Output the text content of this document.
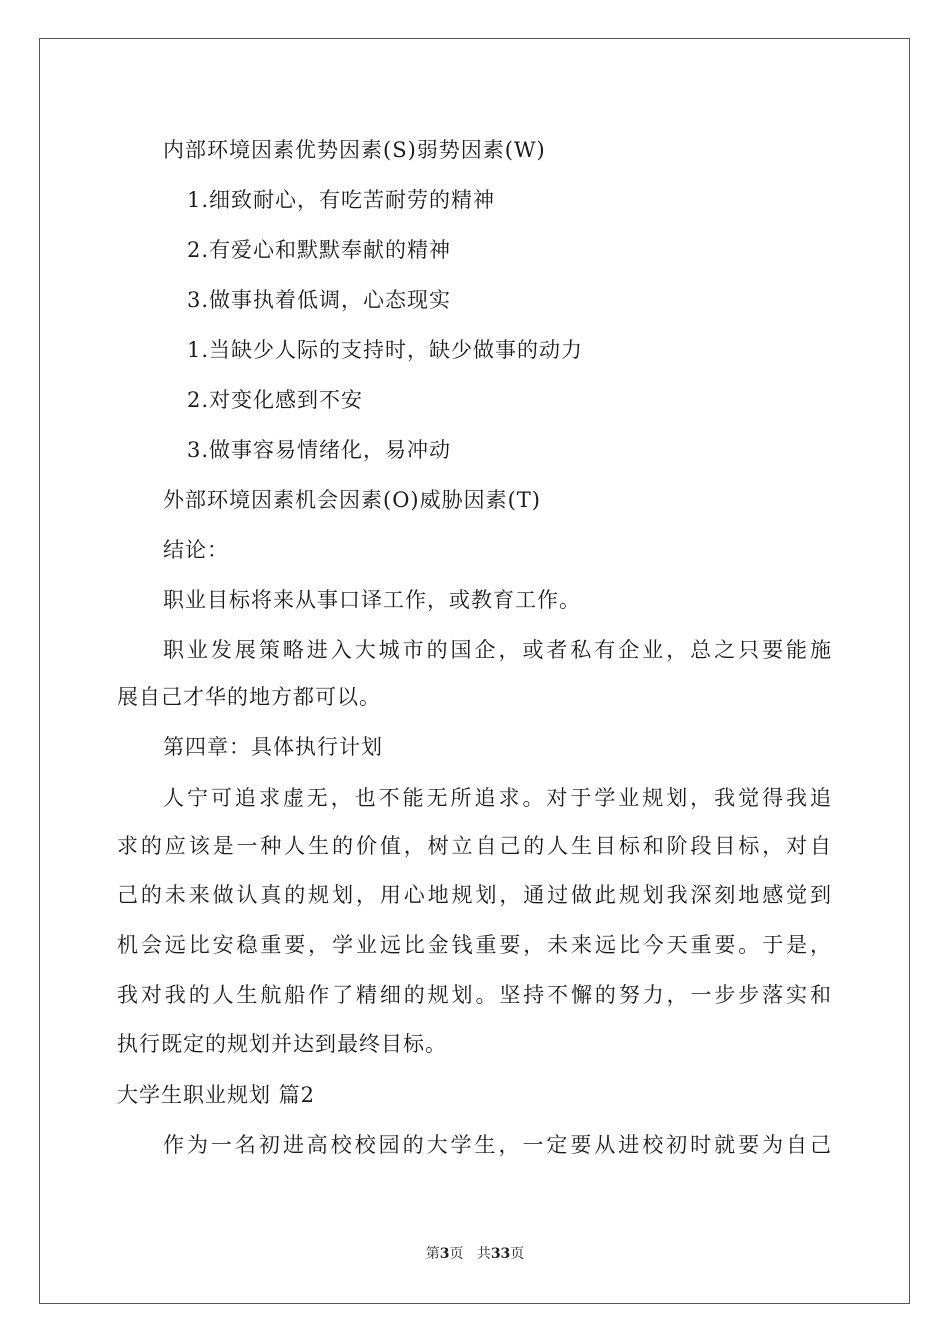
内部环境因素优势因素(S)弱势因素(W)
1.细致耐心，有吃苦耐劳的精神
2.有爱心和默默奉献的精神
3.做事执着低调，心态现实
1.当缺少人际的支持时，缺少做事的动力
2.对变化感到不安
3.做事容易情绪化，易冲动
外部环境因素机会因素(O)威胁因素(T)
结论：
职业目标将来从事口译工作，或教育工作。
职业发展策略进入大城市的国企，或者私有企业，总之只要能施
展自己才华的地方都可以。
第四章：具体执行计划
人宁可追求虚无，也不能无所追求。对于学业规划，我觉得我追
求的应该是一种人生的价值，树立自己的人生目标和阶段目标，对自
己的未来做认真的规划，用心地规划，通过做此规划我深刻地感觉到
机会远比安稳重要，学业远比金钱重要，未来远比今天重要。于是，
我对我的人生航船作了精细的规划。坚持不懈的努力，一步步落实和
执行既定的规划并达到最终目标。
大学生职业规划 篇2
作为一名初进高校校园的大学生，一定要从进校初时就要为自己
第3页   共33页
